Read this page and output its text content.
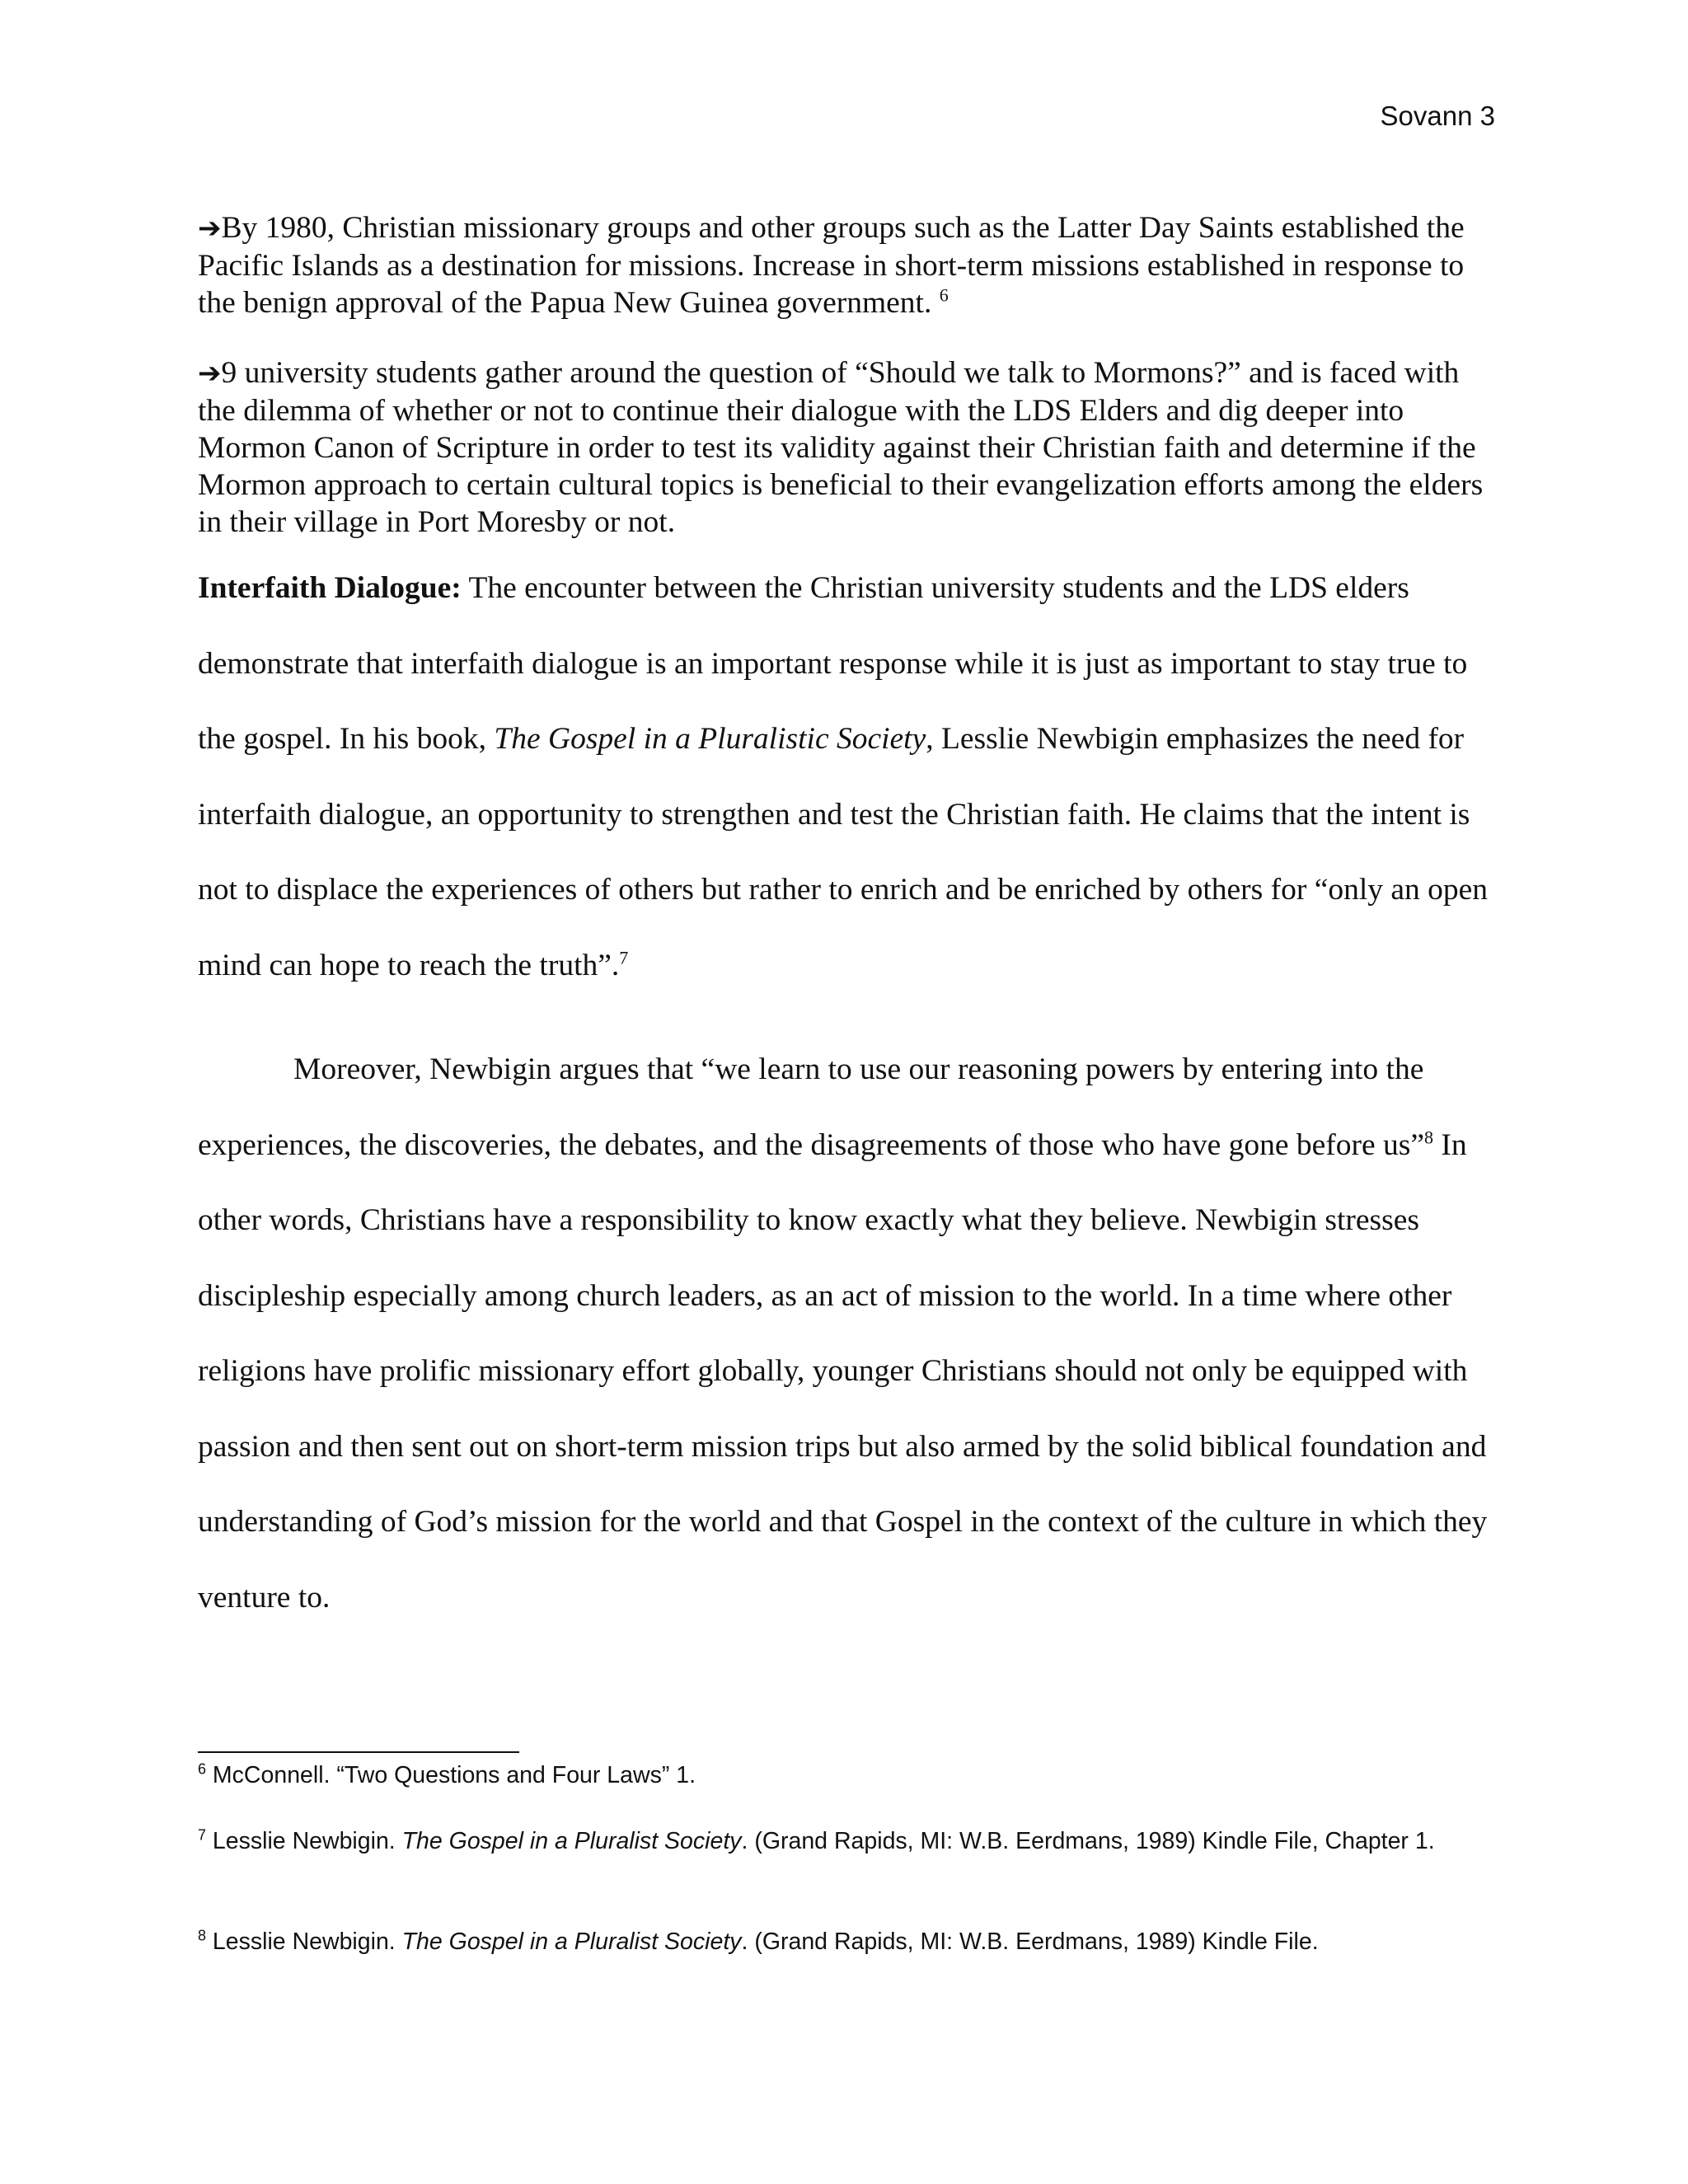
Sovann 3

➔By 1980, Christian missionary groups and other groups such as the Latter Day Saints established the Pacific Islands as a destination for missions. Increase in short-term missions established in response to the benign approval of the Papua New Guinea government. $^6$

➔9 university students gather around the question of “Should we talk to Mormons?” and is faced with the dilemma of whether or not to continue their dialogue with the LDS Elders and dig deeper into Mormon Canon of Scripture in order to test its validity against their Christian faith and determine if the Mormon approach to certain cultural topics is beneficial to their evangelization efforts among the elders in their village in Port Moresby or not.

Interfaith Dialogue: The encounter between the Christian university students and the LDS elders demonstrate that interfaith dialogue is an important response while it is just as important to stay true to the gospel. In his book, The Gospel in a Pluralistic Society, Lesslie Newbigin emphasizes the need for interfaith dialogue, an opportunity to strengthen and test the Christian faith. He claims that the intent is not to displace the experiences of others but rather to enrich and be enriched by others for “only an open mind can hope to reach the truth”.$^7$

Moreover, Newbigin argues that “we learn to use our reasoning powers by entering into the experiences, the discoveries, the debates, and the disagreements of those who have gone before us”$^8$ In other words, Christians have a responsibility to know exactly what they believe. Newbigin stresses discipleship especially among church leaders, as an act of mission to the world. In a time where other religions have prolific missionary effort globally, younger Christians should not only be equipped with passion and then sent out on short-term mission trips but also armed by the solid biblical foundation and understanding of God’s mission for the world and that Gospel in the context of the culture in which they venture to.

$^6$ McConnell. “Two Questions and Four Laws” 1.

$^7$ Lesslie Newbigin. The Gospel in a Pluralist Society. (Grand Rapids, MI: W.B. Eerdmans, 1989) Kindle File, Chapter 1.

$^8$ Lesslie Newbigin. The Gospel in a Pluralist Society. (Grand Rapids, MI: W.B. Eerdmans, 1989) Kindle File.
